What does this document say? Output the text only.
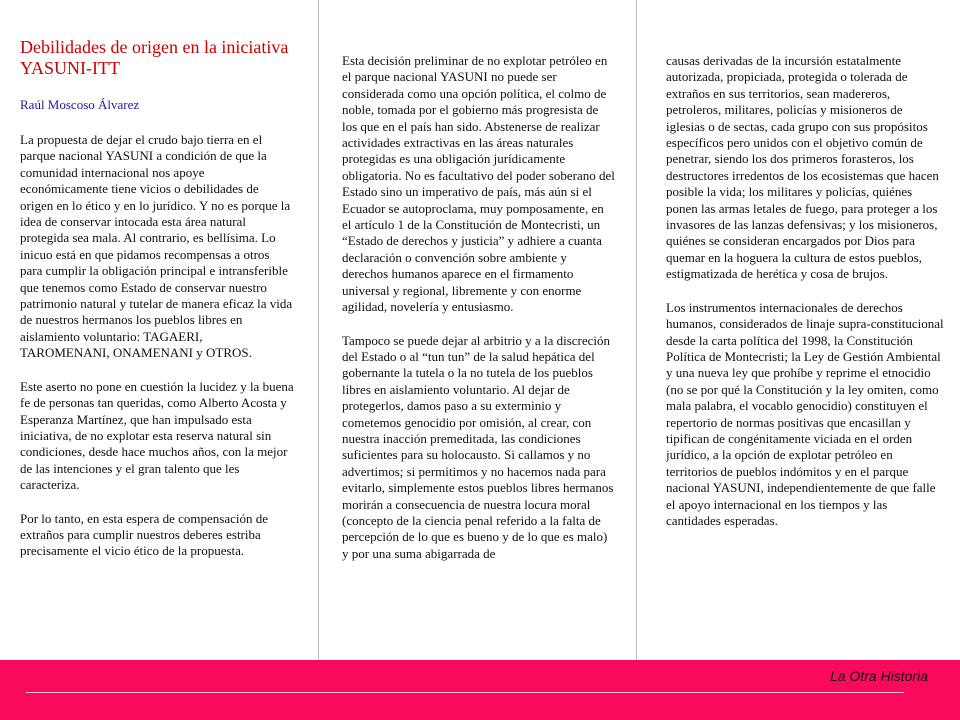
Debilidades de origen en la iniciativa YASUNI-ITT
Raúl Moscoso Álvarez

La propuesta de dejar el crudo bajo tierra en el parque nacional YASUNI a condición de que la comunidad internacional nos apoye económicamente tiene vicios o debilidades de origen en lo ético y en lo jurídico. Y no es porque la idea de conservar intocada esta área natural protegida sea mala. Al contrario, es bellísima. Lo inicuo está en que pidamos recompensas a otros para cumplir la obligación principal e intransferible que tenemos como Estado de conservar nuestro patrimonio natural y tutelar de manera eficaz la vida de nuestros hermanos los pueblos libres en aislamiento voluntario: TAGAERI, TAROMENANI, ONAMENANI y OTROS.

Este aserto no pone en cuestión la lucidez y la buena fe de personas tan queridas, como Alberto Acosta y Esperanza Martínez, que han impulsado esta iniciativa, de no explotar esta reserva natural sin condiciones, desde hace muchos años, con la mejor de las intenciones y el gran talento que les caracteriza.

Por lo tanto, en esta espera de compensación de extraños para cumplir nuestros deberes estriba precisamente el vicio ético de la propuesta.

Esta decisión preliminar de no explotar petróleo en el parque nacional YASUNI no puede ser considerada como una opción política, el colmo de noble, tomada por el gobierno más progresista de los que en el país han sido. Abstenerse de realizar actividades extractivas en las áreas naturales protegidas es una obligación jurídicamente obligatoria. No es facultativo del poder soberano del Estado sino un imperativo de país, más aún si el Ecuador se autoproclama, muy pomposamente, en el artículo 1 de la Constitución de Montecristi, un “Estado de derechos y justicia” y adhiere a cuanta declaración o convención sobre ambiente y derechos humanos aparece en el firmamento universal y regional, libremente y con enorme agilidad, novelería y entusiasmo.

Tampoco se puede dejar al arbitrio y a la discreción del Estado o al “tun tun” de la salud hepática del gobernante la tutela o la no tutela de los pueblos libres en aislamiento voluntario. Al dejar de protegerlos, damos paso a su exterminio y cometemos genocidio por omisión, al crear, con nuestra inacción premeditada, las condiciones suficientes para su holocausto. Si callamos y no advertimos; si permitimos y no hacemos nada para evitarlo, simplemente estos pueblos libres hermanos morirán a consecuencia de nuestra locura moral (concepto de la ciencia penal referido a la falta de percepción de lo que es bueno y de lo que es malo) y por una suma abigarrada de

causas derivadas de la incursión estatalmente autorizada, propiciada, protegida o tolerada de extraños en sus territorios, sean madereros, petroleros, militares, policías y misioneros de iglesias o de sectas, cada grupo con sus propósitos específicos pero unidos con el objetivo común de penetrar, siendo los dos primeros forasteros, los destructores irredentos de los ecosistemas que hacen posible la vida; los militares y policías, quiénes ponen las armas letales de fuego, para proteger a los invasores de las lanzas defensivas; y los misioneros, quiénes se consideran encargados por Dios para quemar en la hoguera la cultura de estos pueblos, estigmatizada de herética y cosa de brujos.

Los instrumentos internacionales de derechos humanos, considerados de linaje supra-constitucional desde la carta política del 1998, la Constitución Política de Montecristi; la Ley de Gestión Ambiental y una nueva ley que prohíbe y reprime el etnocidio (no se por qué la Constitución y la ley omiten, como mala palabra, el vocablo genocidio) constituyen el repertorio de normas positivas que encasillan y tipifican de congénitamente viciada en el orden jurídico, a la opción de explotar petróleo en territorios de pueblos indómitos y en el parque nacional YASUNI, independientemente de que falle el apoyo internacional en los tiempos y las cantidades esperadas.

La Otra Historia
